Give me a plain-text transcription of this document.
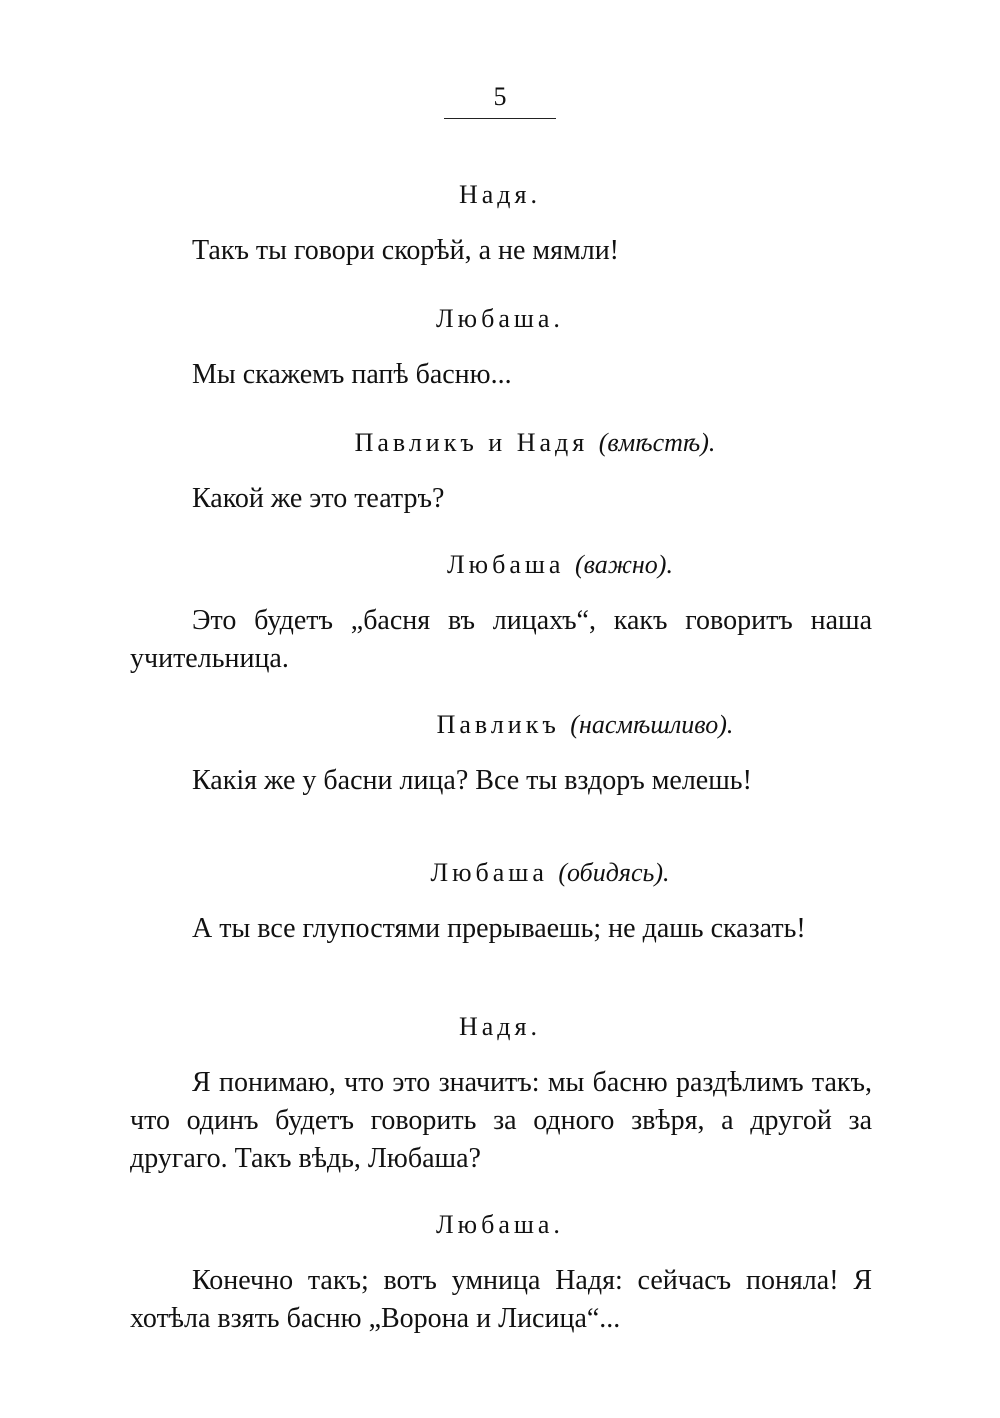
5
Надя.
Такъ ты говори скорѣй, а не мямли!
Любаша.
Мы скажемъ папѣ басню...
Павликъ и Надя (вмѣстѣ).
Какой же это театръ?
Любаша (важно).
Это будетъ „басня въ лицахъ“, какъ говоритъ наша учительница.
Павликъ (насмѣшливо).
Какія же у басни лица? Все ты вздоръ мелешь!
Любаша (обидясь).
А ты все глупостями прерываешь; не дашь сказать!
Надя.
Я понимаю, что это значитъ: мы басню раздѣлимъ такъ, что одинъ будетъ говорить за одного звѣря, а другой за другаго. Такъ вѣдь, Любаша?
Любаша.
Конечно такъ; вотъ умница Надя: сейчасъ поняла! Я хотѣла взять басню „Ворона и Лисица“...
